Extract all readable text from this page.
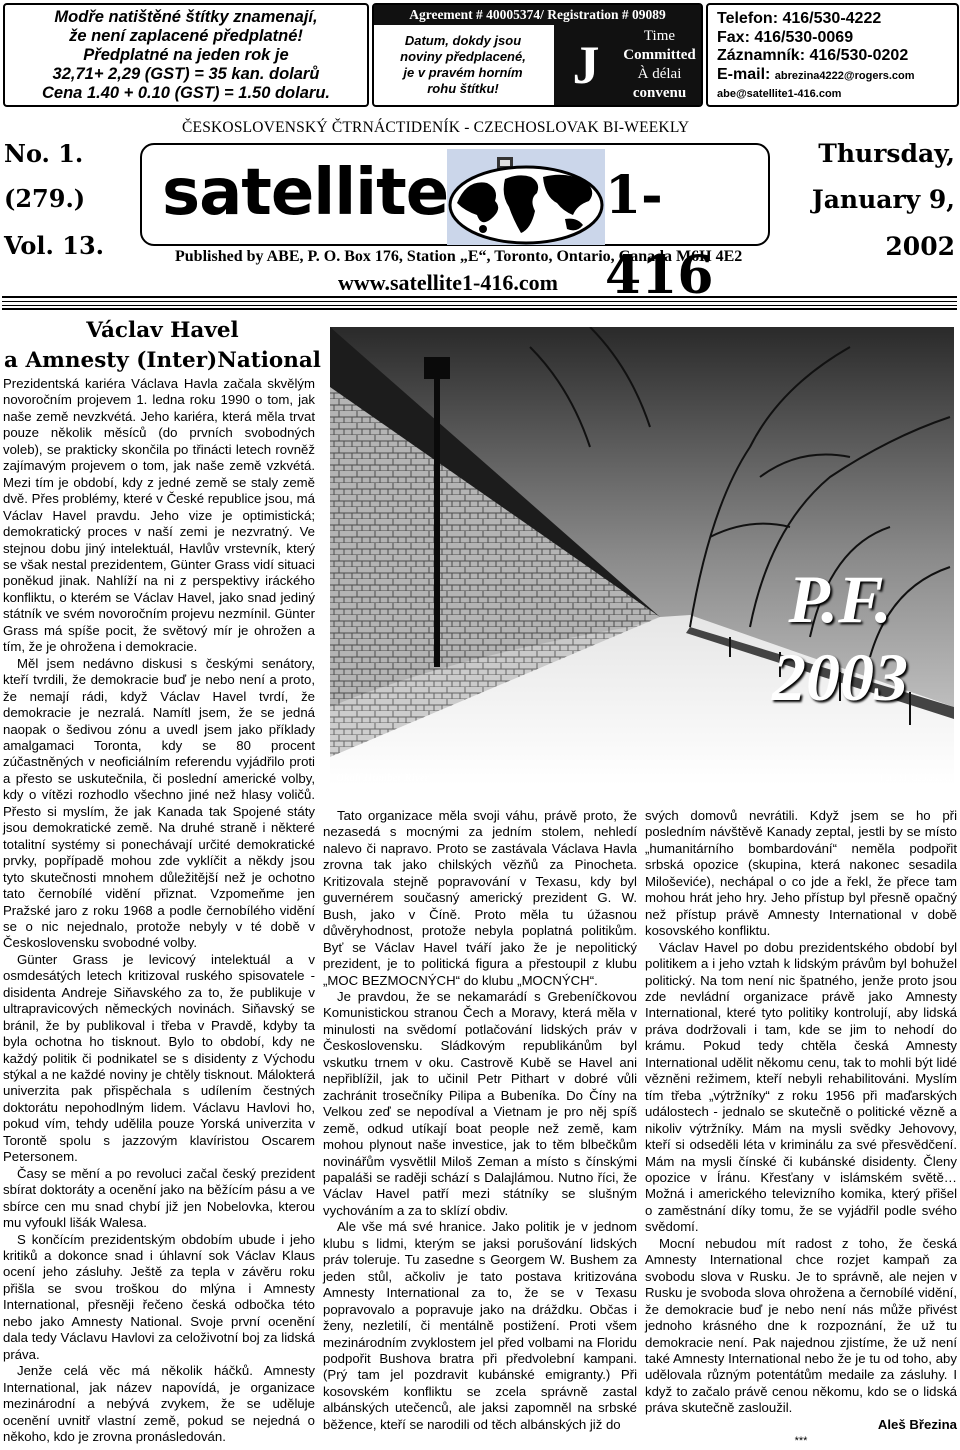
Modře natištěné štítky znamenají,

že není zaplacené předplatné!

Předplatné na jeden rok je

32,71+ 2,29 (GST) = 35 kan. dolarů

Cena 1.40 + 0.10 (GST) = 1.50 dolaru.

Agreement # 40005374/ Registration # 09089
Datum, dokdy jsou
noviny předplacené,
je v pravém horním
rohu štítku!	J	Time
Committed
À délai
convenu
Telefon: 416/530-4222
Fax: 416/530-0069
Záznamník: 416/530-0202
E-mail: abrezina4222@rogers.com
abe@satellite1-416.com
No. 1.
(279.)
Vol. 13.
Thursday,
January 9,
2002
ČESKOSLOVENSKÝ ČTRNÁCTIDENÍK - CZECHOSLOVAK BI-WEEKLY
satellite	1-416
Published by ABE, P. O. Box 176, Station „E“, Toronto, Ontario, Canada M6H 4E2
www.satellite1-416.com
Václav Havel
a Amnesty (Inter)National

Prezidentská kariéra Václava Havla začala skvělým novoročním projevem 1. ledna roku 1990 o tom, jak naše země nevzkvétá. Jeho kariéra, která měla trvat pouze několik měsíců (do prvních svobodných voleb), se prakticky skončila po třinácti letech rovněž zajímavým projevem o tom, jak naše země vzkvétá. Mezi tím je období, kdy z jedné země se staly země dvě. Přes problémy, které v České republice jsou, má Václav Havel pravdu. Jeho vize je optimistická; demokratický proces v naší zemi je nezvratný. Ve stejnou dobu jiný intelektuál, Havlův vrstevník, který se však nestal prezidentem, Günter Grass vidí situaci poněkud jinak. Nahlíží na ni z perspektivy iráckého konfliktu, o kterém se Václav Havel, jako snad jediný státník ve svém novoročním projevu nezmínil. Günter Grass má spíše pocit, že světový mír je ohrožen a tím, že je ohrožena i demokracie.

Měl jsem nedávno diskusi s českými senátory, kteří tvrdili, že demokracie buď je nebo není a proto, že nemají rádi, když Václav Havel tvrdí, že demokracie je nezralá. Namítl jsem, že se jedná naopak o šedivou zónu a uvedl jsem jako příklady amalgamaci Toronta, kdy se 80 procent zúčastněných v neoficiálním referendu vyjádřilo proti a přesto se uskutečnila, či poslední americké volby, kdy o vítězi rozhodlo všechno jiné než hlasy voličů. Přesto si myslím, že jak Kanada tak Spojené státy jsou demokratické země. Na druhé straně i některé totalitní systémy si ponechávají určité demokratické prvky, popřípadě mohou zde vyklíčit a někdy jsou tyto skutečnosti mnohem důležitější než je ochotno tato černobílé vidění přiznat. Vzpomeňme jen Pražské jaro z roku 1968 a podle černobílého vidění se o nic nejednalo, protože nebyly v té době v Československu svobodné volby.

Günter Grass je levicový intelektuál a v osmdesátých letech kritizoval ruského spisovatele - disidenta Andreje Siňavského za to, že publikuje v ultrapravicových německých novinách. Siňavský se bránil, že by publikoval i třeba v Pravdě, kdyby ta byla ochotna ho tisknout. Bylo to období, kdy ne každý politik či podnikatel se s disidenty z Východu stýkal a ne každé noviny je chtěly tisknout. Málokterá univerzita pak přispěchala s udílením čestných doktorátu nepohodlným lidem. Václavu Havlovi ho, pokud vím, tehdy udělila pouze Yorská univerzita v Torontě spolu s jazzovým klavíristou Oscarem Petersonem.

Časy se mění a po revoluci začal český prezident sbírat doktoráty a ocenění jako na běžícím pásu a ve sbírce cen mu snad chybí již jen Nobelovka, kterou mu vyfoukl lišák Walesa.

S končícím prezidentským obdobím ubude i jeho kritiků a dokonce snad i úhlavní sok Václav Klaus ocení jeho zásluhy. Ještě za tepla v závěru roku přišla se svou troškou do mlýna i Amnesty International, přesněji řečeno česká odbočka této nebo jako Amnesty National. Svoje první ocenění dala tedy Václavu Havlovi za celoživotní boj za lidská práva.

Jenže celá věc má několik háčků. Amnesty International, jak název napovídá, je organizace mezinárodní a nebývá zvykem, že se uděluje ocenění uvnitř vlastní země, pokud se nejedná o někoho, kdo je zrovna pronásledován.

P.F.
2003
Okolí Humber River	Foto M. Gabánková

Tato organizace měla svoji váhu, právě proto, že nezasedá s mocnými za jedním stolem, nehledí nalevo či napravo. Proto se zastávala Václava Havla zrovna tak jako chilských vězňů za Pinocheta. Kritizovala stejně popravování v Texasu, kdy byl guvernérem současný americký prezident G. W. Bush, jako v Číně. Proto měla tu úžasnou důvěryhodnost, protože nebyla poplatná politikům. Byť se Václav Havel tváří jako že je nepolitický prezident, je to politická figura a přestoupil z klubu „MOC BEZMOCNÝCH“ do klubu „MOCNÝCH“.

Je pravdou, že se nekamarádí s Grebeníčkovou Komunistickou stranou Čech a Moravy, která měla v minulosti na svědomí potlačování lidských práv v Československu. Sládkovým republikánům byl vskutku trnem v oku. Castrově Kubě se Havel ani nepřiblížil, jak to učinil Petr Pithart v dobré vůli zachránit trosečníky Pilipa a Bubeníka. Do Číny na Velkou zeď se nepodíval a Vietnam je pro něj spíš země, odkud utíkají boat people než země, kam mohou plynout naše investice, jak to těm blbečkům novinářům vysvětlil Miloš Zeman a místo s čínskými papaláši se raději schází s Dalajlámou. Nutno říci, že Václav Havel patří mezi státníky se slušným vychováním a za to sklízí obdiv.

Ale vše má své hranice. Jako politik je v jednom klubu s lidmi, kterým se jaksi porušování lidských práv toleruje. Tu zasedne s Georgem W. Bushem za jeden stůl, ačkoliv je tato postava kritizována Amnesty International za to, že se v Texasu popravovalo a popravuje jako na dráždku. Občas i ženy, nezletilí, či mentálně postižení. Proti všem mezinárodním zvyklostem jel před volbami na Floridu podpořit Bushova bratra při předvolební kampani. (Prý tam jel pozdravit kubánské emigranty.) Při kosovském konfliktu se zcela správně zastal albánských utečenců, ale jaksi zapomněl na srbské běžence, kteří se narodili od těch albánských již do

svých domovů nevrátili. Když jsem se ho při posledním návštěvě Kanady zeptal, jestli by se místo „humanitárního bombardování“ neměla podpořit srbská opozice (skupina, která nakonec sesadila Miloševiće), nechápal o co jde a řekl, že přece tam mohou hrát jeho hry. Jeho přístup byl přesně opačný než přístup právě Amnesty International v době kosovského konfliktu.

Václav Havel po dobu prezidentského období byl politikem a i jeho vztah k lidským právům byl bohužel politický. Na tom není nic špatného, jenže proto jsou zde nevládní organizace právě jako Amnesty International, které tyto politiky kontrolují, aby lidská práva dodržovali i tam, kde se jim to nehodí do krámu. Pokud tedy chtěla česká Amnesty International udělit někomu cenu, tak to mohli být lidé vězněni režimem, kteří nebyli rehabilitováni. Myslím tím třeba „výtržníky“ z roku 1956 při maďarských událostech - jednalo se skutečně o politické vězně a nikoliv výtržníky. Mám na mysli svědky Jehovovy, kteří si odseděli léta v kriminálu za své přesvědčení. Mám na mysli čínské či kubánské disidenty. Členy opozice v Íránu. Křesťany v islámském světě… Možná i amerického televizního komika, který přišel o zaměstnání díky tomu, že se vyjádřil podle svého svědomí.

Mocní nebudou mít radost z toho, že česká Amnesty International chce rozjet kampaň za svobodu slova v Rusku. Je to správně, ale nejen v Rusku je svoboda slova ohrožena a černobílé vidění, že demokracie buď je nebo není nás může přivést jednoho krásného dne k rozpoznání, že už tu demokracie není. Pak najednou zjistíme, že už není také Amnesty International nebo že je tu od toho, aby udělovala různým potentátům medaile za zásluhy. I když to začalo právě cenou někomu, kdo se o lidská práva skutečně zasloužil.

Aleš Březina

***
